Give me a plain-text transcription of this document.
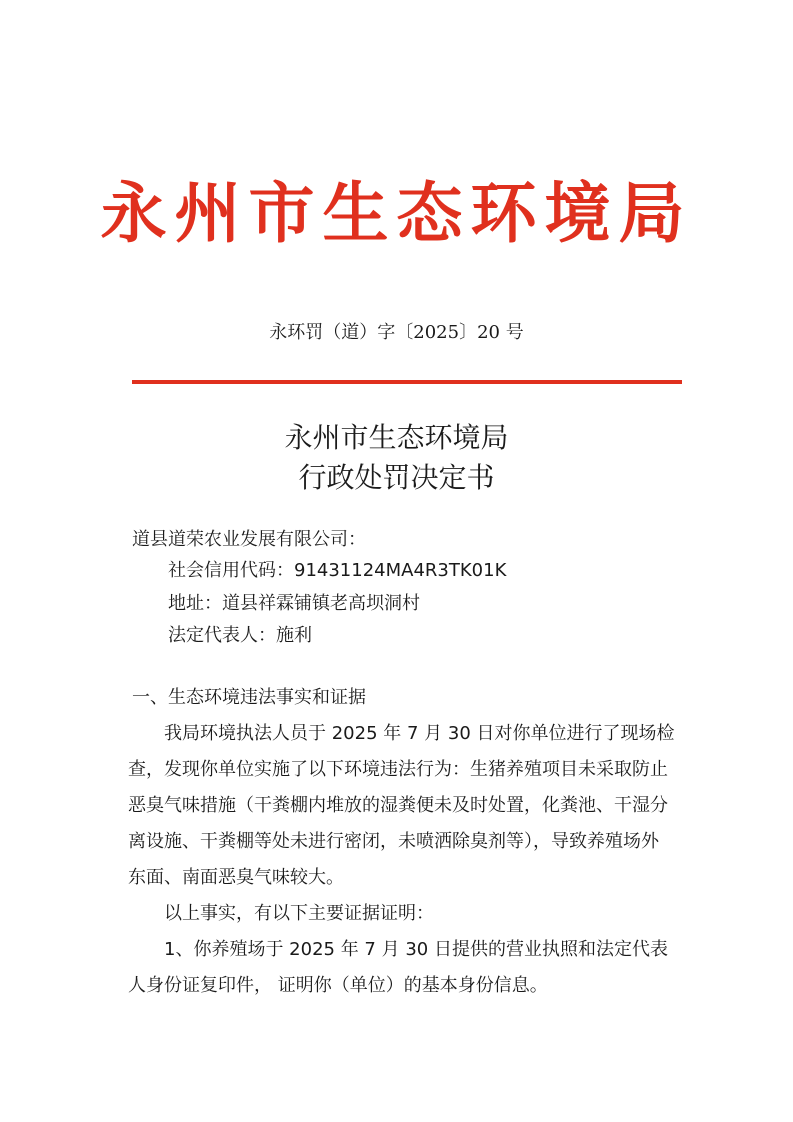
永州市生态环境局
永环罚（道）字〔2025〕20 号
永州市生态环境局
行政处罚决定书
道县道荣农业发展有限公司：
社会信用代码：91431124MA4R3TK01K
地址：道县祥霖铺镇老高坝洞村
法定代表人：施利
一、生态环境违法事实和证据
我局环境执法人员于 2025 年 7 月 30 日对你单位进行了现场检查，发现你单位实施了以下环境违法行为：生猪养殖项目未采取防止恶臭气味措施（干粪棚内堆放的湿粪便未及时处置，化粪池、干湿分离设施、干粪棚等处未进行密闭，未喷洒除臭剂等），导致养殖场外东面、南面恶臭气味较大。
以上事实，有以下主要证据证明：
1、你养殖场于 2025 年 7 月 30 日提供的营业执照和法定代表人身份证复印件， 证明你（单位）的基本身份信息。
